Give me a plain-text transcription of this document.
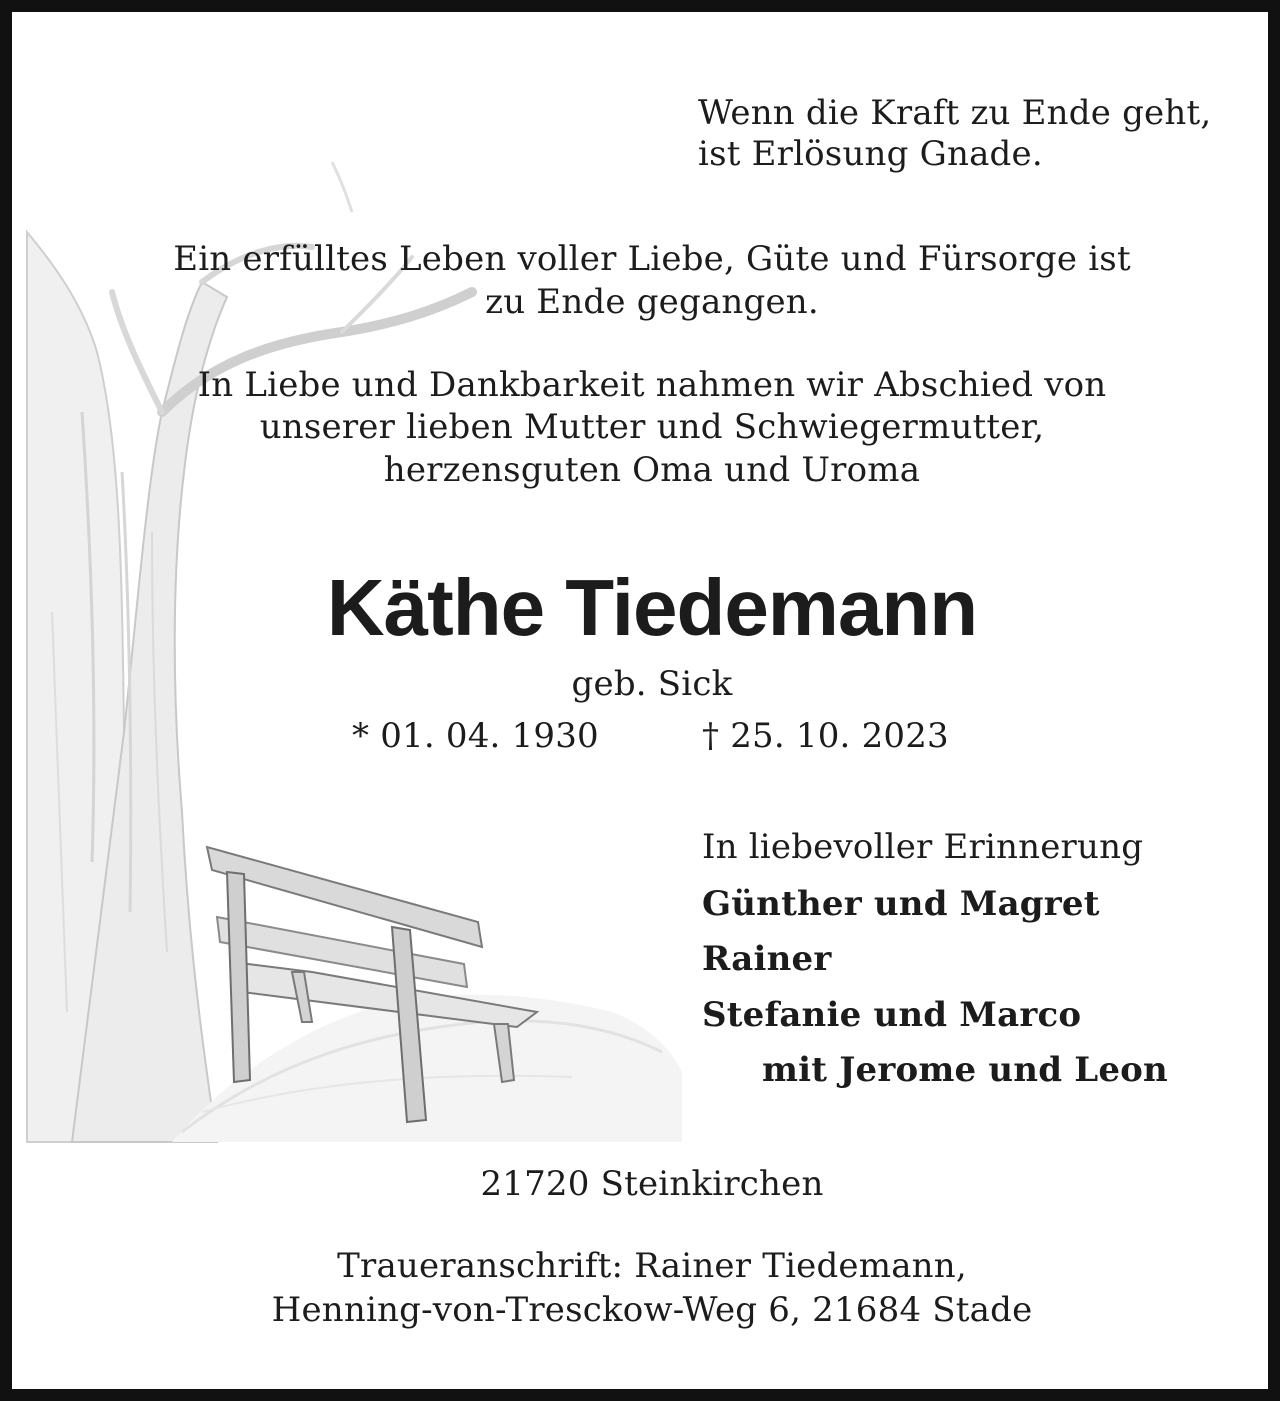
Wenn die Kraft zu Ende geht,
ist Erlösung Gnade.
Ein erfülltes Leben voller Liebe, Güte und Fürsorge ist
zu Ende gegangen.
In Liebe und Dankbarkeit nahmen wir Abschied von
unserer lieben Mutter und Schwiegermutter,
herzensguten Oma und Uroma
Käthe Tiedemann
geb. Sick
* 01. 04. 1930	† 25. 10. 2023
In liebevoller Erinnerung
Günther und Magret
Rainer
Stefanie und Marco
mit Jerome und Leon
21720 Steinkirchen
Traueranschrift: Rainer Tiedemann,
Henning-von-Tresckow-Weg 6, 21684 Stade
